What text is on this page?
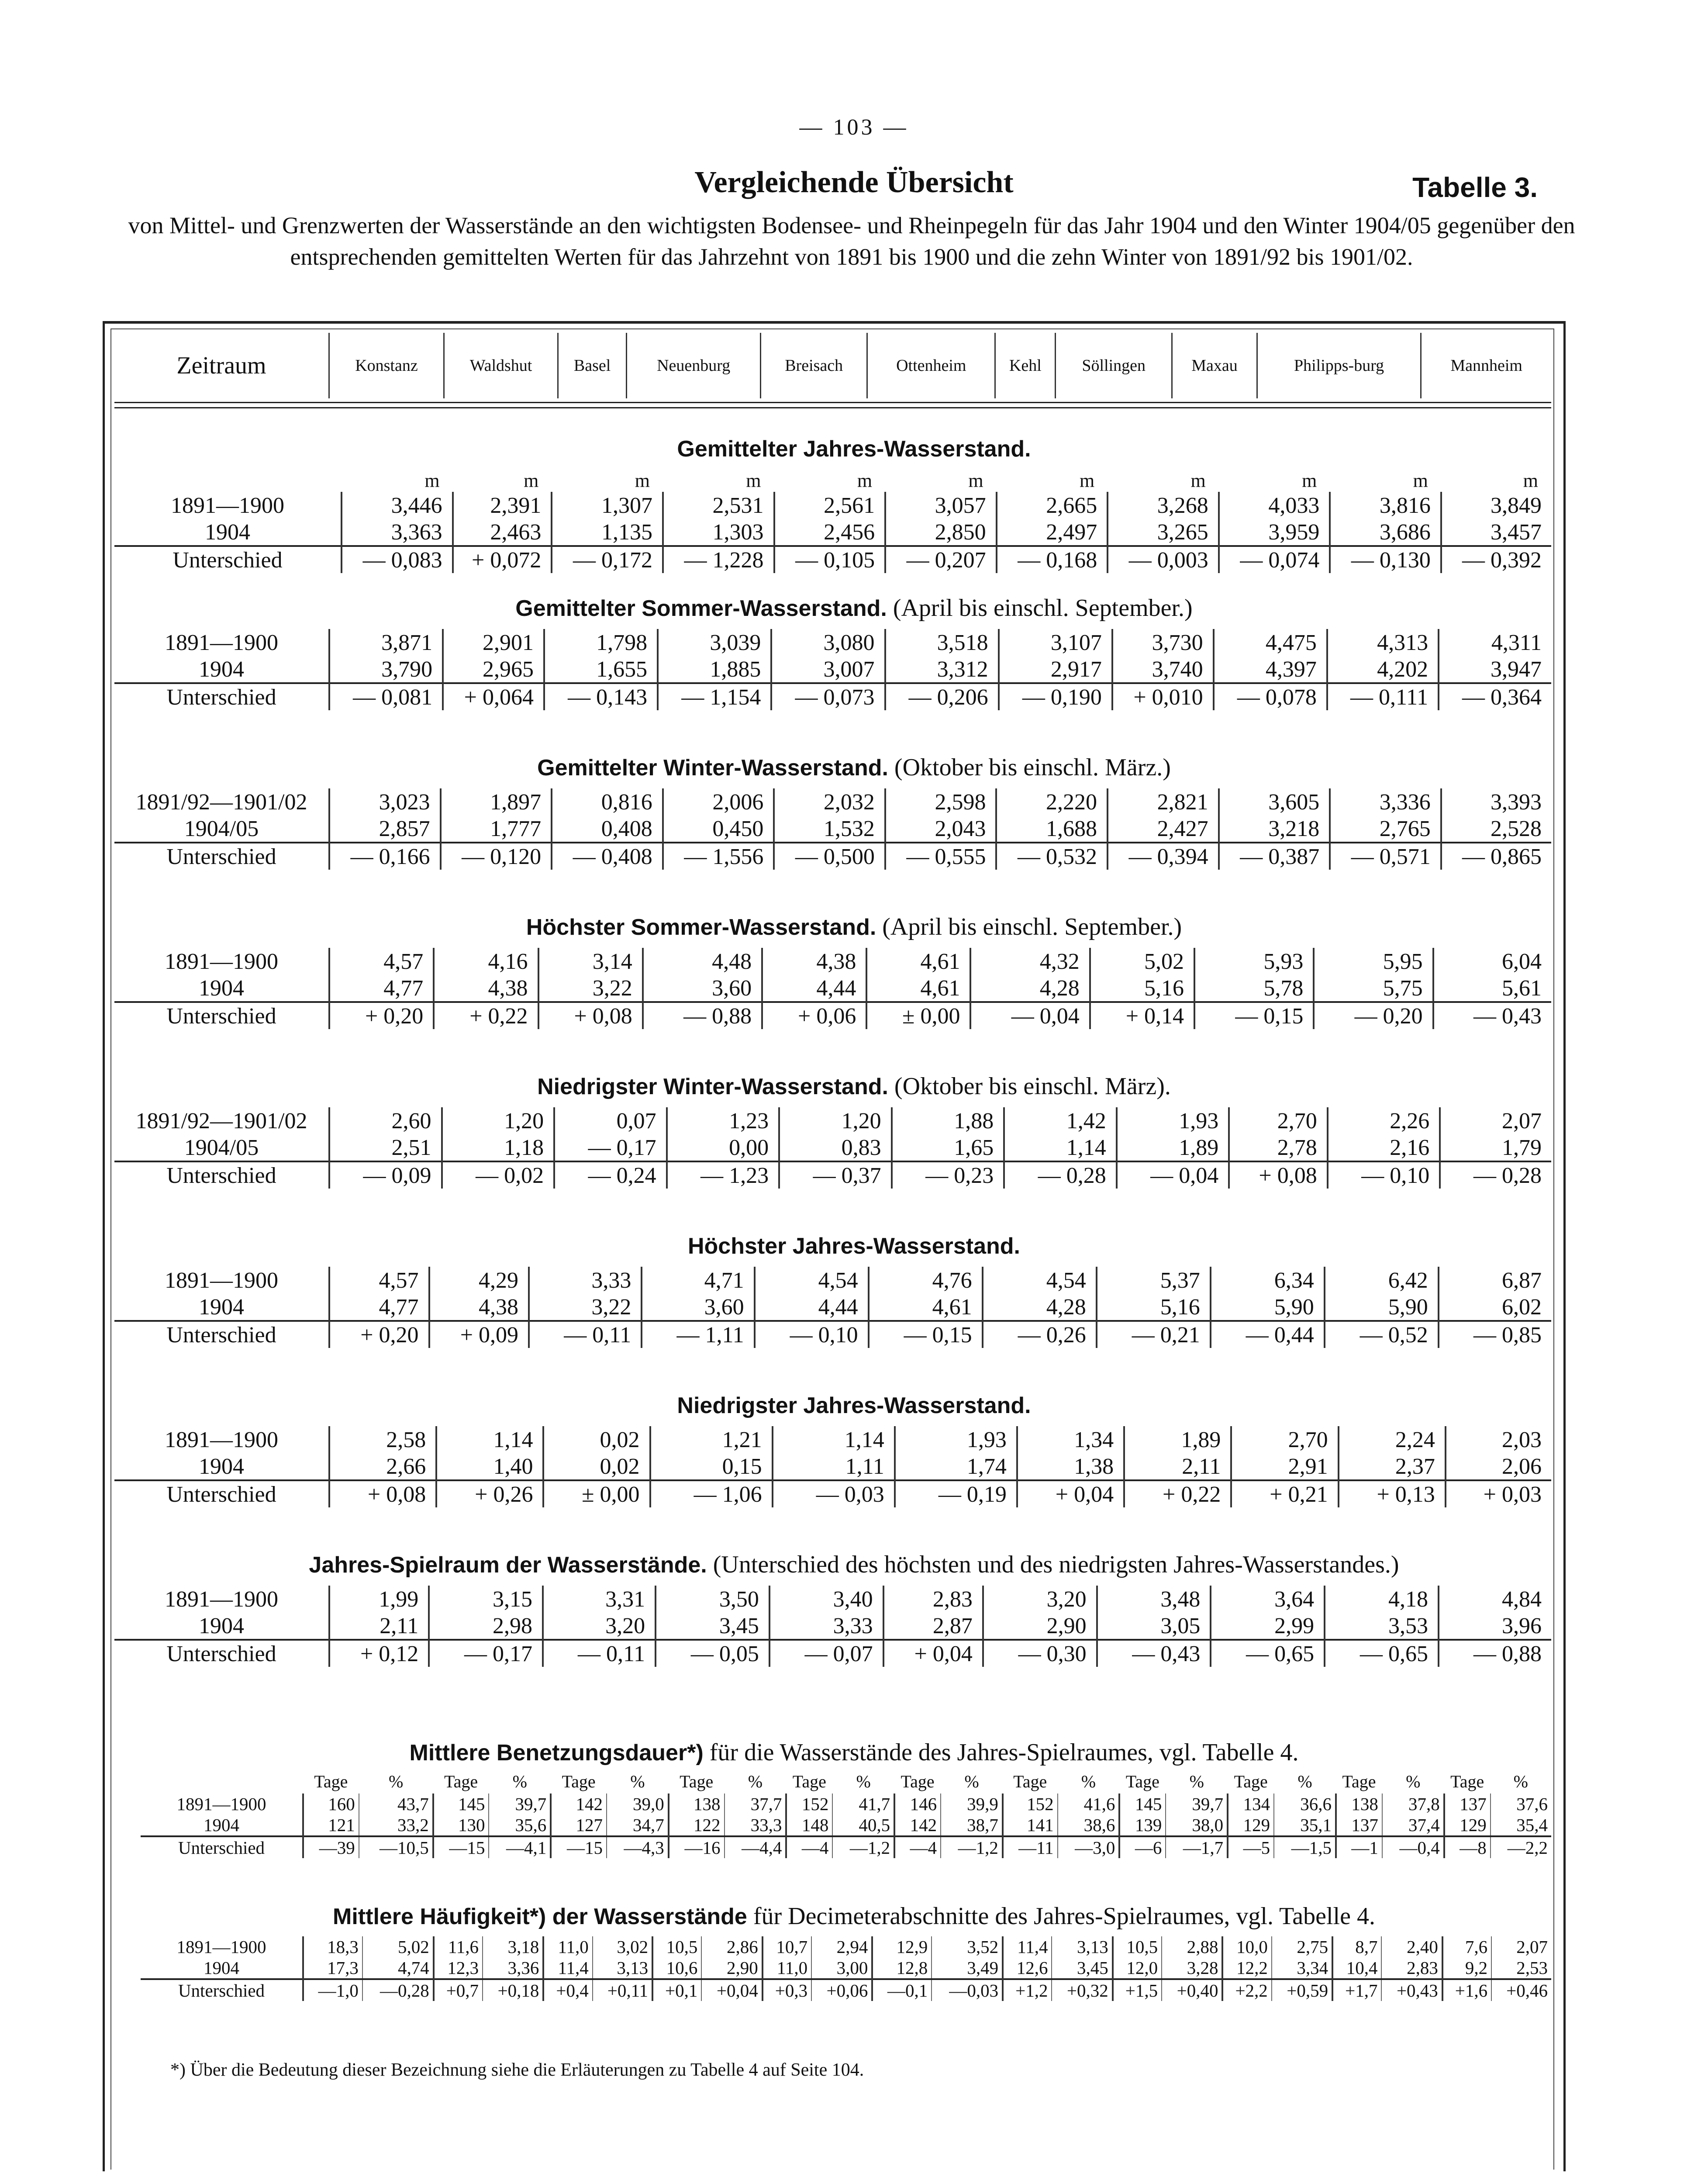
— 103 —
Vergleichende Übersicht	Tabelle 3.
von Mittel- und Grenzwerten der Wasserstände an den wichtigsten Bodensee- und Rheinpegeln für das Jahr 1904 und den Winter 1904/05 gegenüber den entsprechenden gemittelten Werten für das Jahrzehnt von 1891 bis 1900 und die zehn Winter von 1891/92 bis 1901/02.
Zeitraum	Konstanz	Waldshut	Basel	Neuenburg	Breisach	Ottenheim	Kehl	Söllingen	Maxau	Philipps-burg	Mannheim
Gemittelter Jahres-Wasserstand.
	m	m	m	m	m	m	m	m	m	m	m
1891—1900	3,446	2,391	1,307	2,531	2,561	3,057	2,665	3,268	4,033	3,816	3,849
1904	3,363	2,463	1,135	1,303	2,456	2,850	2,497	3,265	3,959	3,686	3,457
Unterschied	— 0,083	+ 0,072	— 0,172	— 1,228	— 0,105	— 0,207	— 0,168	— 0,003	— 0,074	— 0,130	— 0,392
Gemittelter Sommer-Wasserstand. (April bis einschl. September.)
1891—1900	3,871	2,901	1,798	3,039	3,080	3,518	3,107	3,730	4,475	4,313	4,311
1904	3,790	2,965	1,655	1,885	3,007	3,312	2,917	3,740	4,397	4,202	3,947
Unterschied	— 0,081	+ 0,064	— 0,143	— 1,154	— 0,073	— 0,206	— 0,190	+ 0,010	— 0,078	— 0,111	— 0,364
Gemittelter Winter-Wasserstand. (Oktober bis einschl. März.)
1891/92—1901/02	3,023	1,897	0,816	2,006	2,032	2,598	2,220	2,821	3,605	3,336	3,393
1904/05	2,857	1,777	0,408	0,450	1,532	2,043	1,688	2,427	3,218	2,765	2,528
Unterschied	— 0,166	— 0,120	— 0,408	— 1,556	— 0,500	— 0,555	— 0,532	— 0,394	— 0,387	— 0,571	— 0,865
Höchster Sommer-Wasserstand. (April bis einschl. September.)
1891—1900	4,57	4,16	3,14	4,48	4,38	4,61	4,32	5,02	5,93	5,95	6,04
1904	4,77	4,38	3,22	3,60	4,44	4,61	4,28	5,16	5,78	5,75	5,61
Unterschied	+ 0,20	+ 0,22	+ 0,08	— 0,88	+ 0,06	± 0,00	— 0,04	+ 0,14	— 0,15	— 0,20	— 0,43
Niedrigster Winter-Wasserstand. (Oktober bis einschl. März).
1891/92—1901/02	2,60	1,20	0,07	1,23	1,20	1,88	1,42	1,93	2,70	2,26	2,07
1904/05	2,51	1,18	— 0,17	0,00	0,83	1,65	1,14	1,89	2,78	2,16	1,79
Unterschied	— 0,09	— 0,02	— 0,24	— 1,23	— 0,37	— 0,23	— 0,28	— 0,04	+ 0,08	— 0,10	— 0,28
Höchster Jahres-Wasserstand.
1891—1900	4,57	4,29	3,33	4,71	4,54	4,76	4,54	5,37	6,34	6,42	6,87
1904	4,77	4,38	3,22	3,60	4,44	4,61	4,28	5,16	5,90	5,90	6,02
Unterschied	+ 0,20	+ 0,09	— 0,11	— 1,11	— 0,10	— 0,15	— 0,26	— 0,21	— 0,44	— 0,52	— 0,85
Niedrigster Jahres-Wasserstand.
1891—1900	2,58	1,14	0,02	1,21	1,14	1,93	1,34	1,89	2,70	2,24	2,03
1904	2,66	1,40	0,02	0,15	1,11	1,74	1,38	2,11	2,91	2,37	2,06
Unterschied	+ 0,08	+ 0,26	± 0,00	— 1,06	— 0,03	— 0,19	+ 0,04	+ 0,22	+ 0,21	+ 0,13	+ 0,03
Jahres-Spielraum der Wasserstände. (Unterschied des höchsten und des niedrigsten Jahres-Wasserstandes.)
1891—1900	1,99	3,15	3,31	3,50	3,40	2,83	3,20	3,48	3,64	4,18	4,84
1904	2,11	2,98	3,20	3,45	3,33	2,87	2,90	3,05	2,99	3,53	3,96
Unterschied	+ 0,12	— 0,17	— 0,11	— 0,05	— 0,07	+ 0,04	— 0,30	— 0,43	— 0,65	— 0,65	— 0,88
Mittlere Benetzungsdauer*) für die Wasserstände des Jahres-Spielraumes, vgl. Tabelle 4.
	Tage	%	Tage	%	Tage	%	Tage	%	Tage	%	Tage	%	Tage	%	Tage	%	Tage	%	Tage	%	Tage	%
1891—1900	160	43,7	145	39,7	142	39,0	138	37,7	152	41,7	146	39,9	152	41,6	145	39,7	134	36,6	138	37,8	137	37,6
1904	121	33,2	130	35,6	127	34,7	122	33,3	148	40,5	142	38,7	141	38,6	139	38,0	129	35,1	137	37,4	129	35,4
Unterschied	—39	—10,5	—15	—4,1	—15	—4,3	—16	—4,4	—4	—1,2	—4	—1,2	—11	—3,0	—6	—1,7	—5	—1,5	—1	—0,4	—8	—2,2
Mittlere Häufigkeit*) der Wasserstände für Decimeterabschnitte des Jahres-Spielraumes, vgl. Tabelle 4.
1891—1900	18,3	5,02	11,6	3,18	11,0	3,02	10,5	2,86	10,7	2,94	12,9	3,52	11,4	3,13	10,5	2,88	10,0	2,75	8,7	2,40	7,6	2,07
1904	17,3	4,74	12,3	3,36	11,4	3,13	10,6	2,90	11,0	3,00	12,8	3,49	12,6	3,45	12,0	3,28	12,2	3,34	10,4	2,83	9,2	2,53
Unterschied	—1,0	—0,28	+0,7	+0,18	+0,4	+0,11	+0,1	+0,04	+0,3	+0,06	—0,1	—0,03	+1,2	+0,32	+1,5	+0,40	+2,2	+0,59	+1,7	+0,43	+1,6	+0,46
*) Über die Bedeutung dieser Bezeichnung siehe die Erläuterungen zu Tabelle 4 auf Seite 104.
